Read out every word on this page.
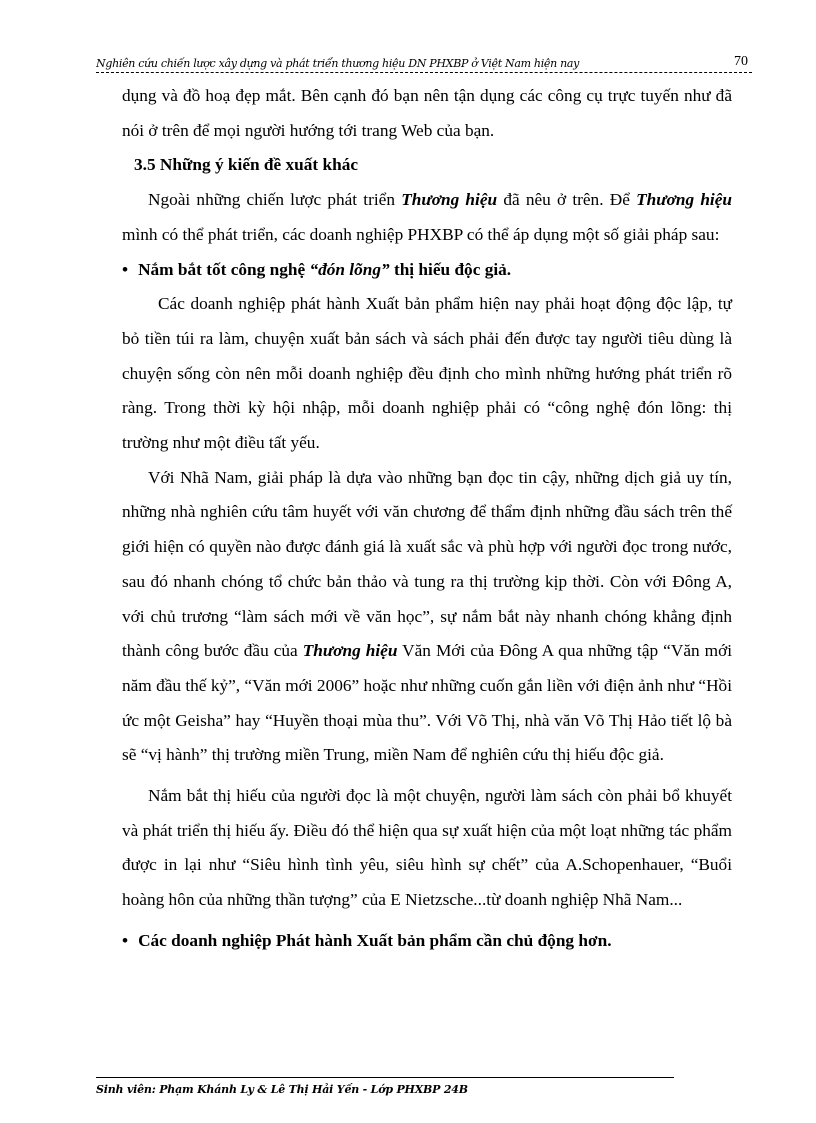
Nghiên cứu chiến lược xây dựng và phát triển thương hiệu DN PHXBP ở Việt Nam hiện nay	70

dụng và đồ hoạ đẹp mắt. Bên cạnh đó bạn nên tận dụng các công cụ trực tuyến như đã nói ở trên để mọi người hướng tới trang Web của bạn.

3.5 Những ý kiến đề xuất khác

Ngoài những chiến lược phát triển Thương hiệu đã nêu ở trên. Để Thương hiệu mình có thể phát triển, các doanh nghiệp PHXBP có thể áp dụng một số giải pháp sau:

• Nắm bắt tốt công nghệ “đón lõng” thị hiếu độc giả.

Các doanh nghiệp phát hành Xuất bản phẩm hiện nay phải hoạt động độc lập, tự bỏ tiền túi ra làm, chuyện xuất bản sách và sách phải đến được tay người tiêu dùng là chuyện sống còn nên mỗi doanh nghiệp đều định cho mình những hướng phát triển rõ ràng. Trong thời kỳ hội nhập, mỗi doanh nghiệp phải có “công nghệ đón lõng: thị trường như một điều tất yếu.

Với Nhã Nam, giải pháp là dựa vào những bạn đọc tin cậy, những dịch giả uy tín, những nhà nghiên cứu tâm huyết với văn chương để thẩm định những đầu sách trên thế giới hiện có quyền nào được đánh giá là xuất sắc và phù hợp với người đọc trong nước, sau đó nhanh chóng tổ chức bản thảo và tung ra thị trường kịp thời. Còn với Đông A, với chủ trương “làm sách mới về văn học”, sự nắm bắt này nhanh chóng khẳng định thành công bước đầu của Thương hiệu Văn Mới của Đông A qua những tập “Văn mới năm đầu thế kỷ”, “Văn mới 2006” hoặc như những cuốn gắn liền với điện ảnh như “Hồi ức một Geisha” hay “Huyền thoại mùa thu”. Với Võ Thị, nhà văn Võ Thị Hảo tiết lộ bà sẽ “vị hành” thị trường miền Trung, miền Nam để nghiên cứu thị hiếu độc giả.

Nắm bắt thị hiếu của người đọc là một chuyện, người làm sách còn phải bổ khuyết và phát triển thị hiếu ấy. Điều đó thể hiện qua sự xuất hiện của một loạt những tác phẩm được in lại như “Siêu hình tình yêu, siêu hình sự chết” của A.Schopenhauer, “Buổi hoàng hôn của những thần tượng” của E Nietzsche...từ doanh nghiệp Nhã Nam...

• Các doanh nghiệp Phát hành Xuất bản phẩm cần chủ động hơn.

Sinh viên: Phạm Khánh Ly & Lê Thị Hải Yến - Lớp PHXBP 24B
